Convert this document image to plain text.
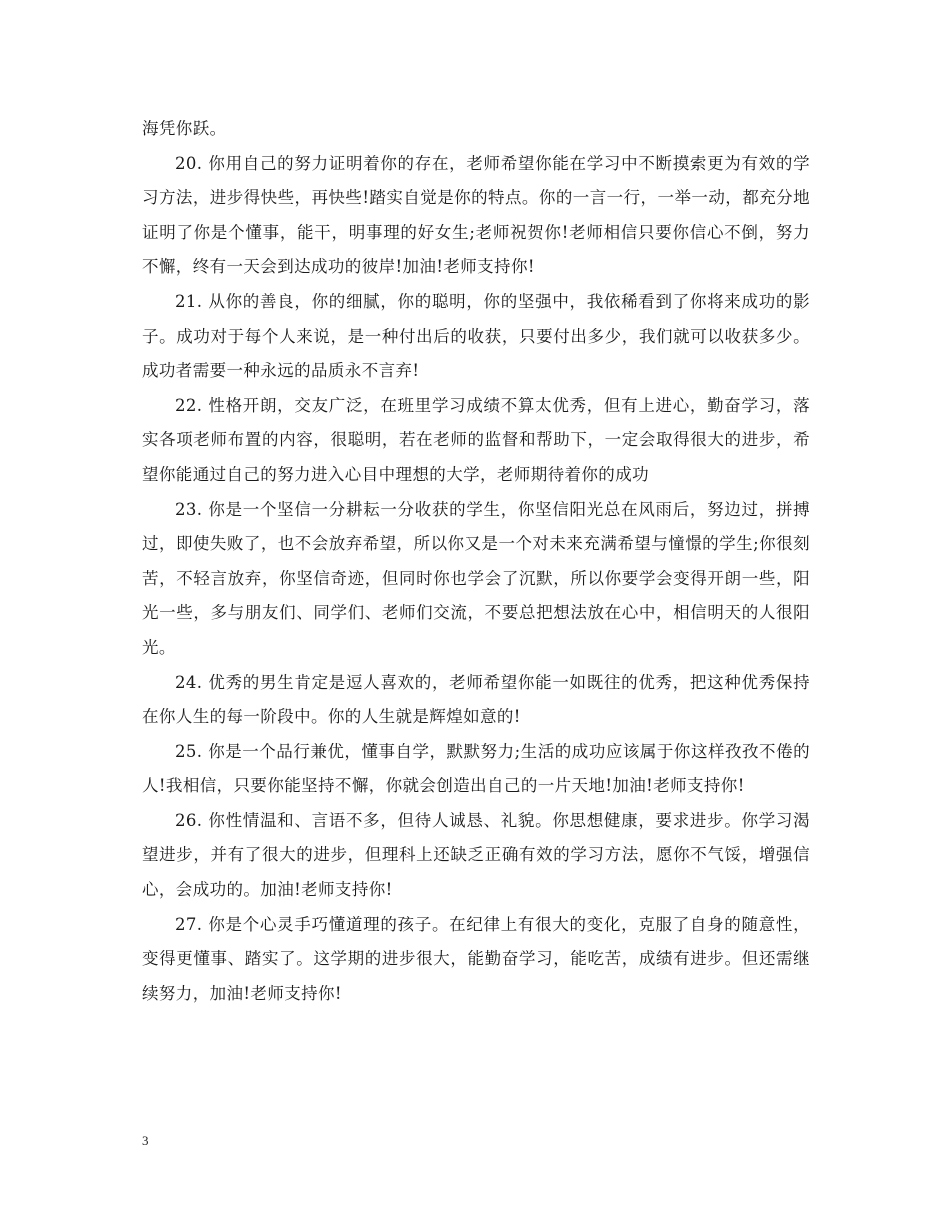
海凭你跃。

20. 你用自己的努力证明着你的存在，老师希望你能在学习中不断摸索更为有效的学习方法，进步得快些，再快些!踏实自觉是你的特点。你的一言一行，一举一动，都充分地证明了你是个懂事，能干，明事理的好女生;老师祝贺你!老师相信只要你信心不倒，努力不懈，终有一天会到达成功的彼岸!加油!老师支持你!

21. 从你的善良，你的细腻，你的聪明，你的坚强中，我依稀看到了你将来成功的影子。成功对于每个人来说，是一种付出后的收获，只要付出多少，我们就可以收获多少。成功者需要一种永远的品质永不言弃!

22. 性格开朗，交友广泛，在班里学习成绩不算太优秀，但有上进心，勤奋学习，落实各项老师布置的内容，很聪明，若在老师的监督和帮助下，一定会取得很大的进步，希望你能通过自己的努力进入心目中理想的大学，老师期待着你的成功

23. 你是一个坚信一分耕耘一分收获的学生，你坚信阳光总在风雨后，努边过，拼搏过，即使失败了，也不会放弃希望，所以你又是一个对未来充满希望与憧憬的学生;你很刻苦，不轻言放弃，你坚信奇迹，但同时你也学会了沉默，所以你要学会变得开朗一些，阳光一些，多与朋友们、同学们、老师们交流，不要总把想法放在心中，相信明天的人很阳光。

24. 优秀的男生肯定是逗人喜欢的，老师希望你能一如既往的优秀，把这种优秀保持在你人生的每一阶段中。你的人生就是辉煌如意的!

25. 你是一个品行兼优，懂事自学，默默努力;生活的成功应该属于你这样孜孜不倦的人!我相信，只要你能坚持不懈，你就会创造出自己的一片天地!加油!老师支持你!

26. 你性情温和、言语不多，但待人诚恳、礼貌。你思想健康，要求进步。你学习渴望进步，并有了很大的进步，但理科上还缺乏正确有效的学习方法，愿你不气馁，增强信心，会成功的。加油!老师支持你!

27. 你是个心灵手巧懂道理的孩子。在纪律上有很大的变化，克服了自身的随意性，变得更懂事、踏实了。这学期的进步很大，能勤奋学习，能吃苦，成绩有进步。但还需继续努力，加油!老师支持你!

3
